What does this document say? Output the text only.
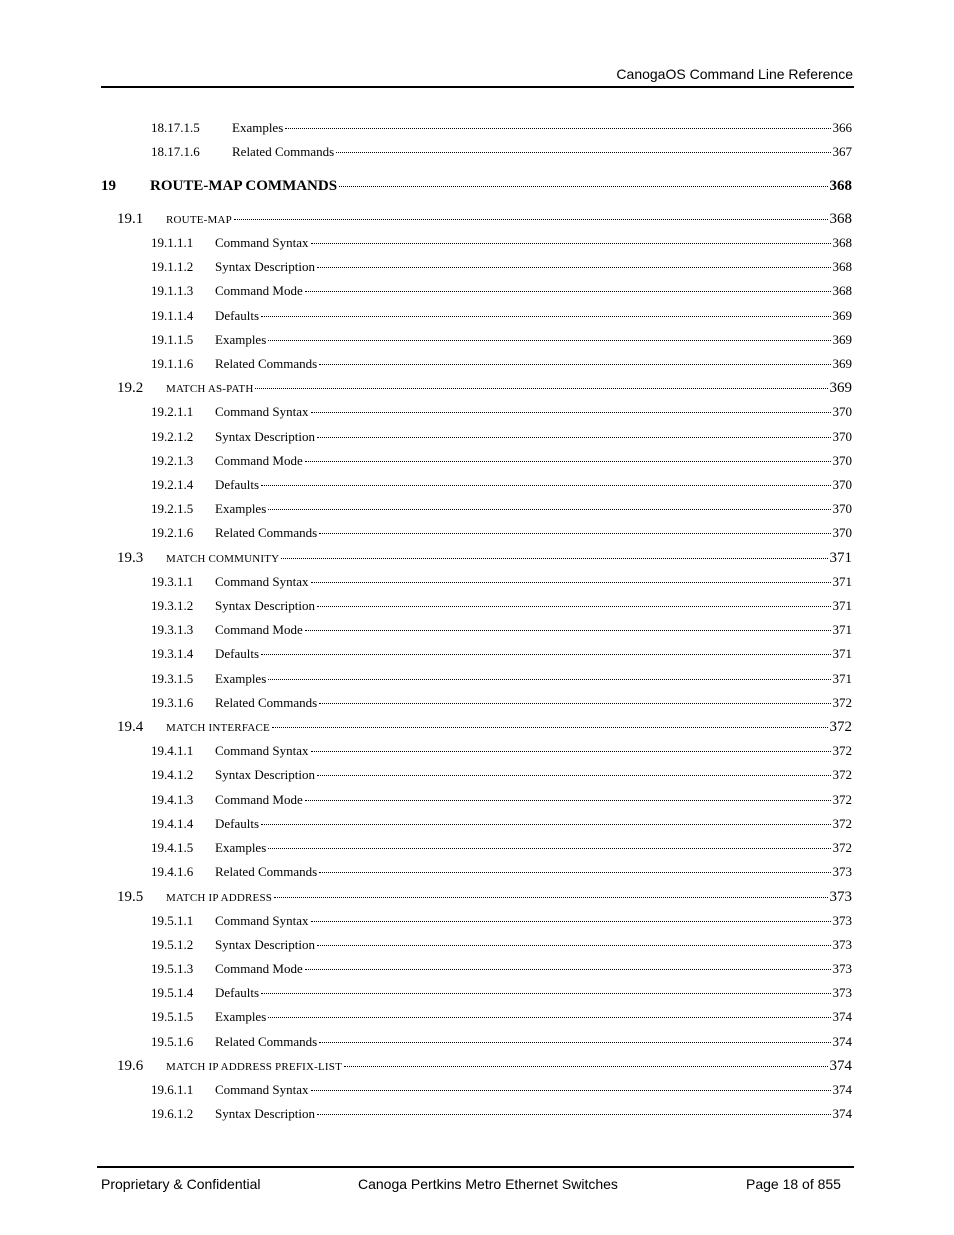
CanogaOS Command Line Reference
18.17.1.5	Examples	366
18.17.1.6	Related Commands	367
19	ROUTE-MAP COMMANDS	368
19.1	ROUTE-MAP	368
19.1.1.1	Command Syntax	368
19.1.1.2	Syntax Description	368
19.1.1.3	Command Mode	368
19.1.1.4	Defaults	369
19.1.1.5	Examples	369
19.1.1.6	Related Commands	369
19.2	MATCH AS-PATH	369
19.2.1.1	Command Syntax	370
19.2.1.2	Syntax Description	370
19.2.1.3	Command Mode	370
19.2.1.4	Defaults	370
19.2.1.5	Examples	370
19.2.1.6	Related Commands	370
19.3	MATCH COMMUNITY	371
19.3.1.1	Command Syntax	371
19.3.1.2	Syntax Description	371
19.3.1.3	Command Mode	371
19.3.1.4	Defaults	371
19.3.1.5	Examples	371
19.3.1.6	Related Commands	372
19.4	MATCH INTERFACE	372
19.4.1.1	Command Syntax	372
19.4.1.2	Syntax Description	372
19.4.1.3	Command Mode	372
19.4.1.4	Defaults	372
19.4.1.5	Examples	372
19.4.1.6	Related Commands	373
19.5	MATCH IP ADDRESS	373
19.5.1.1	Command Syntax	373
19.5.1.2	Syntax Description	373
19.5.1.3	Command Mode	373
19.5.1.4	Defaults	373
19.5.1.5	Examples	374
19.5.1.6	Related Commands	374
19.6	MATCH IP ADDRESS PREFIX-LIST	374
19.6.1.1	Command Syntax	374
19.6.1.2	Syntax Description	374
Proprietary & Confidential	Canoga Pertkins Metro Ethernet Switches	Page 18 of 855
